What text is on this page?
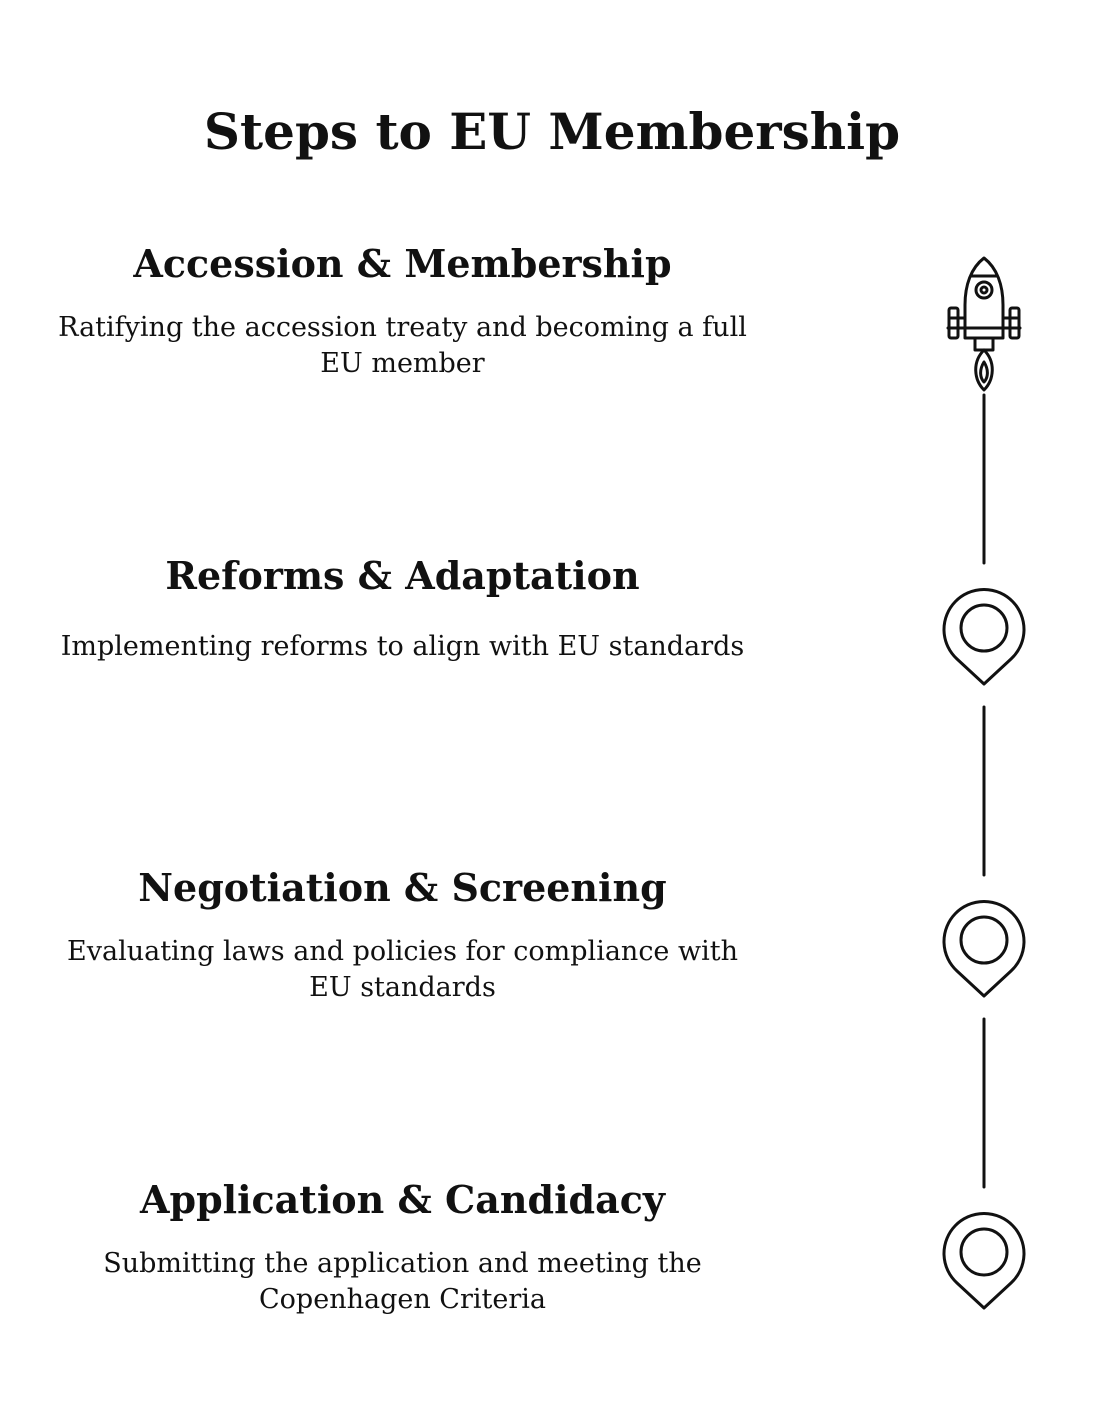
Steps to EU Membership
Accession & Membership

Ratifying the accession treaty and becoming a full EU member

Reforms & Adaptation

Implementing reforms to align with EU standards

Negotiation & Screening

Evaluating laws and policies for compliance with EU standards

Application & Candidacy

Submitting the application and meeting the Copenhagen Criteria
